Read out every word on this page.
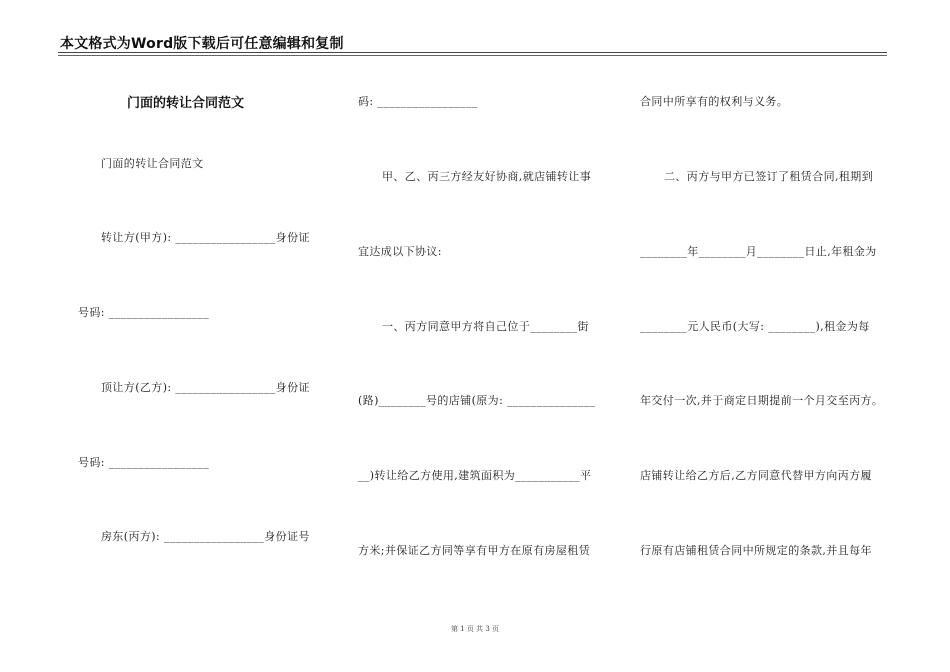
本文格式为Word版下载后可任意编辑和复制
门面的转让合同范文
门面的转让合同范文
转让方(甲方): _________________身份证
号码: _________________
顶让方(乙方): _________________身份证
号码: _________________
房东(丙方): _________________身份证号
码: _________________
甲、乙、丙三方经友好协商,就店铺转让事
宜达成以下协议:
一、丙方同意甲方将自己位于________街
(路)________号的店铺(原为: _______________
__)转让给乙方使用,建筑面积为___________平
方米;并保证乙方同等享有甲方在原有房屋租赁
合同中所享有的权利与义务。
二、丙方与甲方已签订了租赁合同,租期到
________年________月________日止,年租金为
________元人民币(大写: ________),租金为每
年交付一次,并于商定日期提前一个月交至丙方。
店铺转让给乙方后,乙方同意代替甲方向丙方履
行原有店铺租赁合同中所规定的条款,并且每年
第 1 页 共 3 页
